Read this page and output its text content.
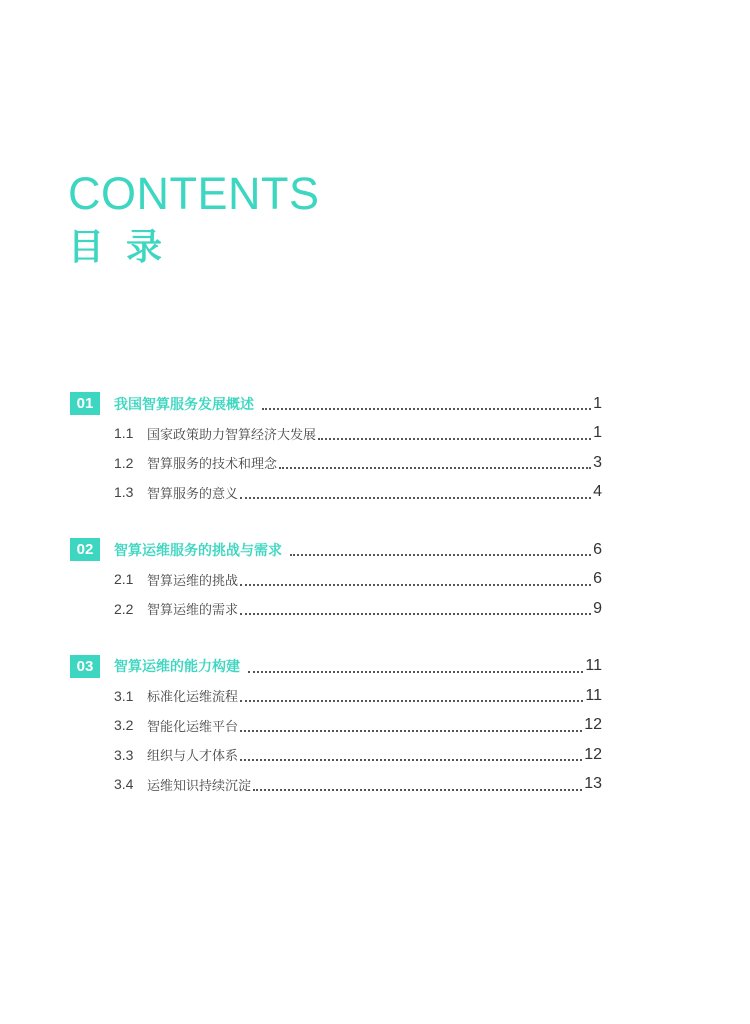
CONTENTS
目录
01	我国智算服务发展概述	1
1.1	国家政策助力智算经济大发展	1
1.2	智算服务的技术和理念	3
1.3	智算服务的意义	4
02	智算运维服务的挑战与需求	6
2.1	智算运维的挑战	6
2.2	智算运维的需求	9
03	智算运维的能力构建	11
3.1	标准化运维流程	11
3.2	智能化运维平台	12
3.3	组织与人才体系	12
3.4	运维知识持续沉淀	13
